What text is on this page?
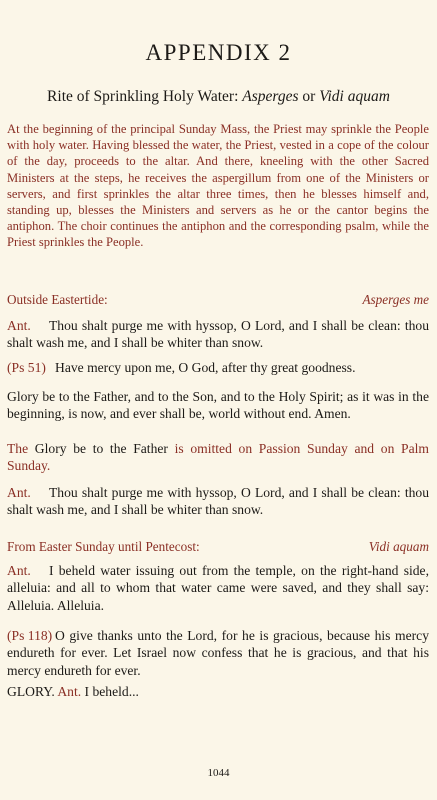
APPENDIX 2
Rite of Sprinkling Holy Water: Asperges or Vidi aquam
At the beginning of the principal Sunday Mass, the Priest may sprinkle the People with holy water. Having blessed the water, the Priest, vested in a cope of the colour of the day, proceeds to the altar. And there, kneeling with the other Sacred Ministers at the steps, he receives the aspergillum from one of the Ministers or servers, and first sprinkles the altar three times, then he blesses himself and, standing up, blesses the Ministers and servers as he or the cantor begins the antiphon. The choir continues the antiphon and the corresponding psalm, while the Priest sprinkles the People.
Outside Eastertide:	Asperges me
Ant. Thou shalt purge me with hyssop, O Lord, and I shall be clean: thou shalt wash me, and I shall be whiter than snow.
(Ps 51) Have mercy upon me, O God, after thy great goodness.
Glory be to the Father, and to the Son, and to the Holy Spirit; as it was in the beginning, is now, and ever shall be, world without end. Amen.
The Glory be to the Father is omitted on Passion Sunday and on Palm Sunday.
Ant. Thou shalt purge me with hyssop, O Lord, and I shall be clean: thou shalt wash me, and I shall be whiter than snow.
From Easter Sunday until Pentecost:	Vidi aquam
Ant. I beheld water issuing out from the temple, on the right-hand side, alleluia: and all to whom that water came were saved, and they shall say: Alleluia. Alleluia.
(Ps 118) O give thanks unto the Lord, for he is gracious, because his mercy endureth for ever. Let Israel now confess that he is gracious, and that his mercy endureth for ever.
GLORY. Ant. I beheld...
1044
